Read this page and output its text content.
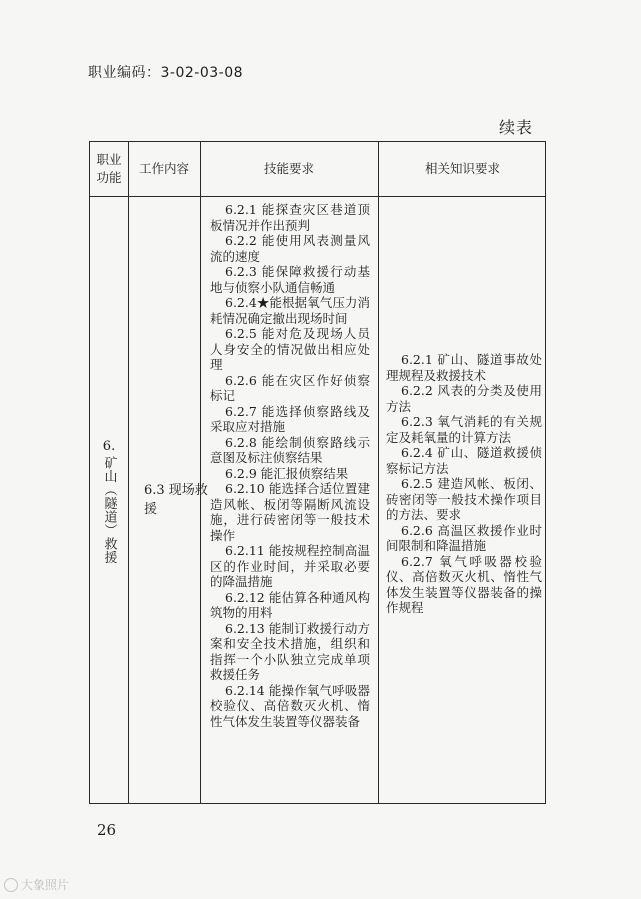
职业编码：3-02-03-08
续表
职业
功能
工作内容	技能要求	相关知识要求
6.
矿山（隧道）救援 6.3 现场救援

6.2.1 能探查灾区巷道顶板情况并作出预判

6.2.2 能使用风表测量风流的速度

6.2.3 能保障救援行动基地与侦察小队通信畅通

6.2.4★能根据氧气压力消耗情况确定撤出现场时间

6.2.5 能对危及现场人员人身安全的情况做出相应处理

6.2.6 能在灾区作好侦察标记

6.2.7 能选择侦察路线及采取应对措施

6.2.8 能绘制侦察路线示意图及标注侦察结果

6.2.9 能汇报侦察结果

6.2.10 能选择合适位置建造风帐、板闭等隔断风流设施，进行砖密闭等一般技术操作

6.2.11 能按规程控制高温区的作业时间，并采取必要的降温措施

6.2.12 能估算各种通风构筑物的用料

6.2.13 能制订救援行动方案和安全技术措施，组织和指挥一个小队独立完成单项救援任务

6.2.14 能操作氧气呼吸器校验仪、高倍数灭火机、惰性气体发生装置等仪器装备

6.2.1 矿山、隧道事故处理规程及救援技术

6.2.2 风表的分类及使用方法

6.2.3 氧气消耗的有关规定及耗氧量的计算方法

6.2.4 矿山、隧道救援侦察标记方法

6.2.5 建造风帐、板闭、砖密闭等一般技术操作项目的方法、要求

6.2.6 高温区救援作业时间限制和降温措施

6.2.7 氧气呼吸器校验仪、高倍数灭火机、惰性气体发生装置等仪器装备的操作规程

26
大象照片
